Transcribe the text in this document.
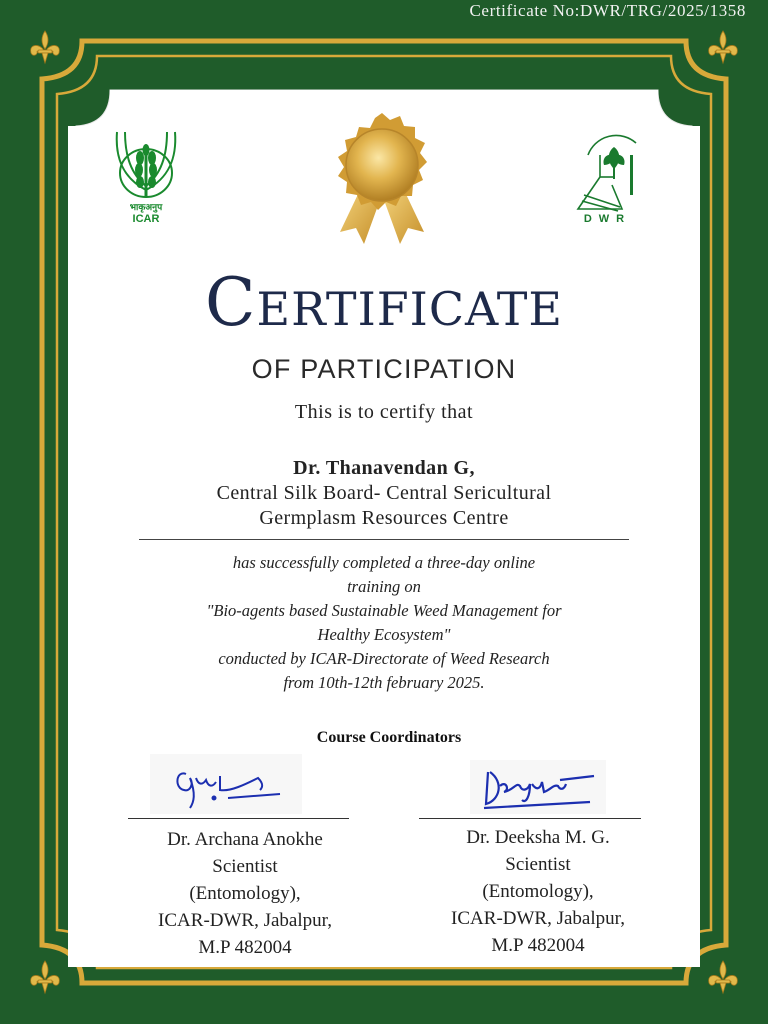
Certificate No:DWR/TRG/2025/1358
भाकृअनुप
ICAR	DWR
Certificate
OF PARTICIPATION
This is to certify that
Dr. Thanavendan G,
Central Silk Board- Central Sericultural
Germplasm Resources Centre
has successfully completed a three-day online
training on
"Bio-agents based Sustainable Weed Management for
Healthy Ecosystem"
conducted by ICAR-Directorate of Weed Research
from 10th-12th february 2025.
Course Coordinators
Dr. Archana Anokhe
Scientist
(Entomology),
ICAR-DWR, Jabalpur,
M.P 482004
Dr. Deeksha M. G.
Scientist
(Entomology),
ICAR-DWR, Jabalpur,
M.P 482004
